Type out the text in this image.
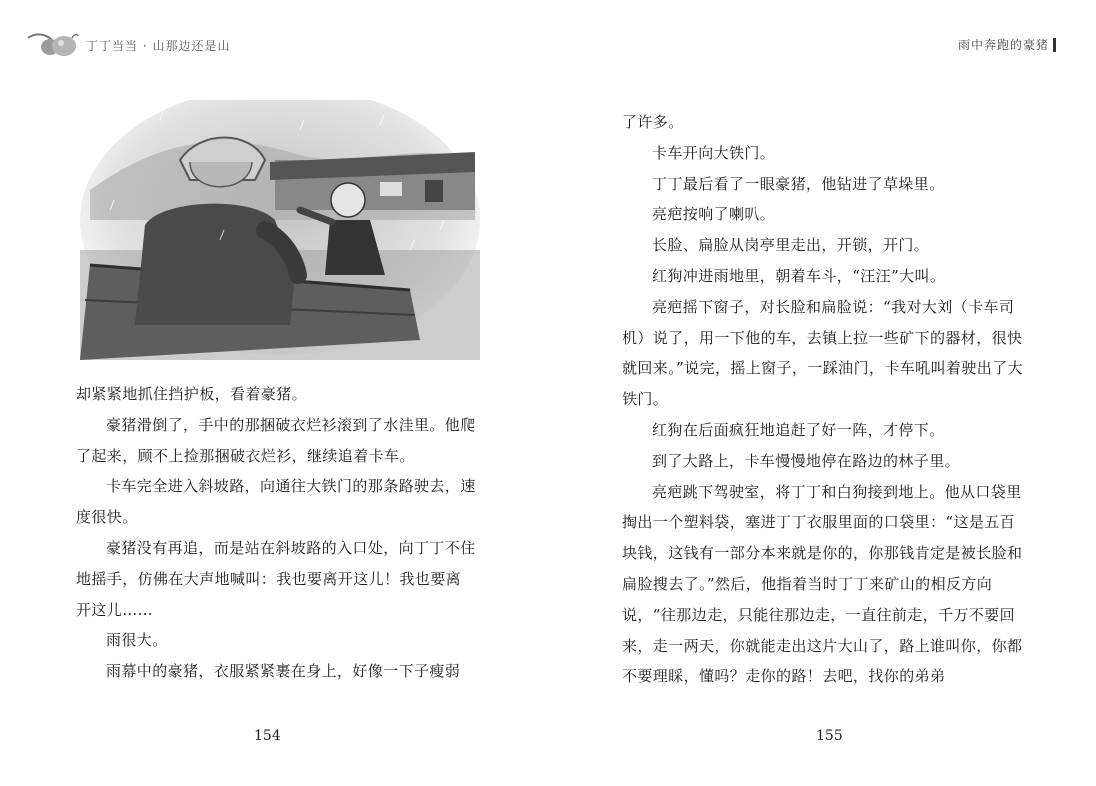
丁丁当当 · 山那边还是山

却紧紧地抓住挡护板，看着豪猪。

豪猪滑倒了，手中的那捆破衣烂衫滚到了水洼里。他爬了起来，顾不上捡那捆破衣烂衫，继续追着卡车。

卡车完全进入斜坡路，向通往大铁门的那条路驶去，速度很快。

豪猪没有再追，而是站在斜坡路的入口处，向丁丁不住地摇手，仿佛在大声地喊叫：我也要离开这儿！我也要离开这儿……

雨很大。

雨幕中的豪猪，衣服紧紧裹在身上，好像一下子瘦弱

154
雨中奔跑的豪猪

了许多。

卡车开向大铁门。

丁丁最后看了一眼豪猪，他钻进了草垛里。

亮疤按响了喇叭。

长脸、扁脸从岗亭里走出，开锁，开门。

红狗冲进雨地里，朝着车斗，“汪汪”大叫。

亮疤摇下窗子，对长脸和扁脸说：“我对大刘（卡车司机）说了，用一下他的车，去镇上拉一些矿下的器材，很快就回来。”说完，摇上窗子，一踩油门，卡车吼叫着驶出了大铁门。

红狗在后面疯狂地追赶了好一阵，才停下。

到了大路上，卡车慢慢地停在路边的林子里。

亮疤跳下驾驶室，将丁丁和白狗接到地上。他从口袋里掏出一个塑料袋，塞进丁丁衣服里面的口袋里：“这是五百块钱，这钱有一部分本来就是你的，你那钱肯定是被长脸和扁脸搜去了。”然后，他指着当时丁丁来矿山的相反方向说，“往那边走，只能往那边走，一直往前走，千万不要回来，走一两天，你就能走出这片大山了，路上谁叫你，你都不要理睬，懂吗？走你的路！去吧，找你的弟弟

155
